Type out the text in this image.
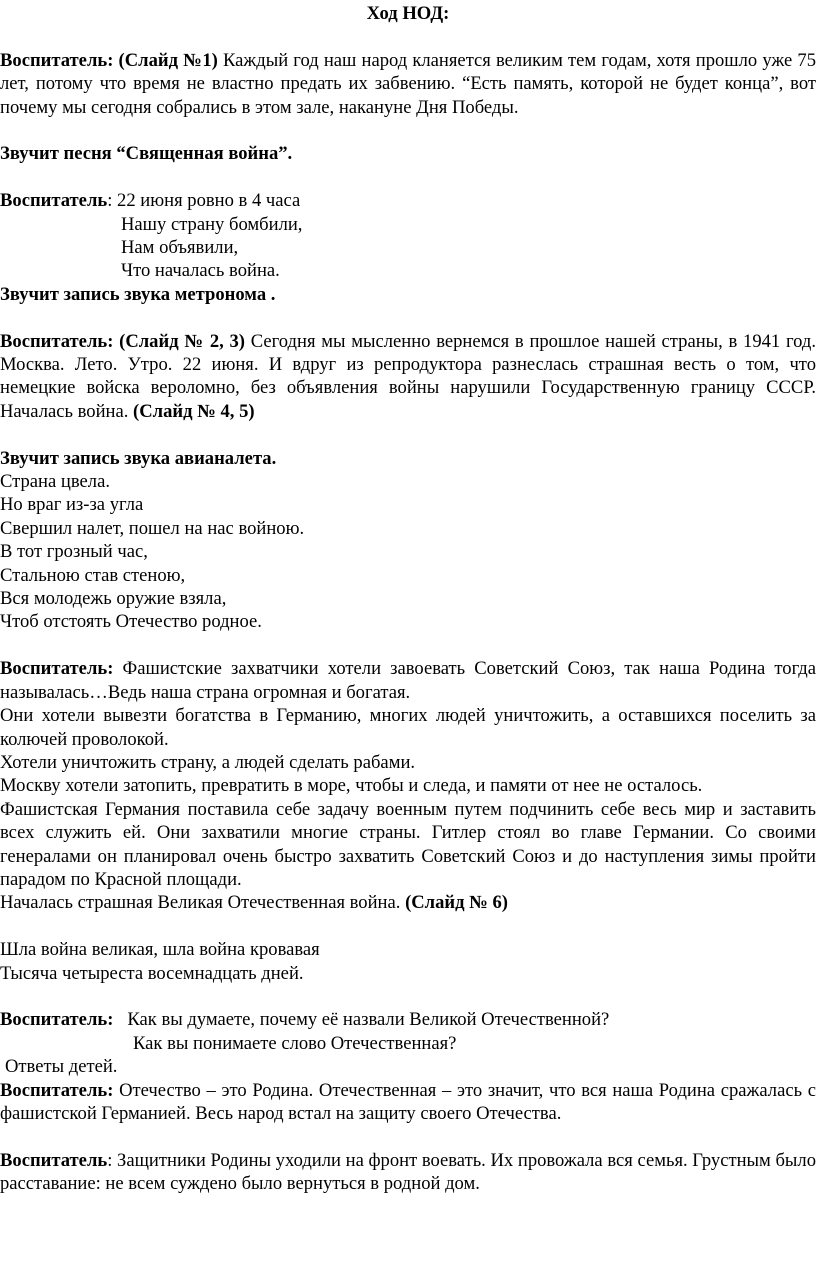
Ход НОД:

Воспитатель: (Слайд №1) Каждый год наш народ кланяется великим тем годам, хотя прошло уже 75 лет, потому что время не властно предать их забвению. “Есть память, которой не будет конца”, вот почему мы сегодня собрались в этом зале, накануне Дня Победы.

Звучит песня “Священная война”.

Воспитатель: 22 июня ровно в 4 часа

Нашу страну бомбили,

Нам объявили,

Что началась война.

Звучит запись звука метронома .

Воспитатель: (Слайд № 2, 3) Сегодня мы мысленно вернемся в прошлое нашей страны, в 1941 год. Москва. Лето. Утро. 22 июня. И вдруг из репродуктора разнеслась страшная весть о том, что немецкие войска вероломно, без объявления войны нарушили Государственную границу СССР. Началась война. (Слайд № 4, 5)

Звучит запись звука авианалета.

Страна цвела.

Но враг из-за угла

Свершил налет, пошел на нас войною.

В тот грозный час,

Стальною став стеною,

Вся молодежь оружие взяла,

Чтоб отстоять Отечество родное.

Воспитатель: Фашистские захватчики хотели завоевать Советский Союз, так наша Родина тогда называлась…Ведь наша страна огромная и богатая.

Они хотели вывезти богатства в Германию, многих людей уничтожить, а оставшихся поселить за колючей проволокой.

Хотели уничтожить страну, а людей сделать рабами.

Москву хотели затопить, превратить в море, чтобы и следа, и памяти от нее не осталось.

Фашистская Германия поставила себе задачу военным путем подчинить себе весь мир и заставить всех служить ей. Они захватили многие страны. Гитлер стоял во главе Германии. Со своими генералами он планировал очень быстро захватить Советский Союз и до наступления зимы пройти парадом по Красной площади.

Началась страшная Великая Отечественная война. (Слайд № 6)

Шла война великая, шла война кровавая

Тысяча четыреста восемнадцать дней.

Воспитатель:   Как вы думаете, почему её назвали Великой Отечественной?

Как вы понимаете слово Отечественная?

Ответы детей.

Воспитатель: Отечество – это Родина. Отечественная – это значит, что вся наша Родина сражалась с фашистской Германией. Весь народ встал на защиту своего Отечества.

Воспитатель: Защитники Родины уходили на фронт воевать. Их провожала вся семья. Грустным было расставание: не всем суждено было вернуться в родной дом.
